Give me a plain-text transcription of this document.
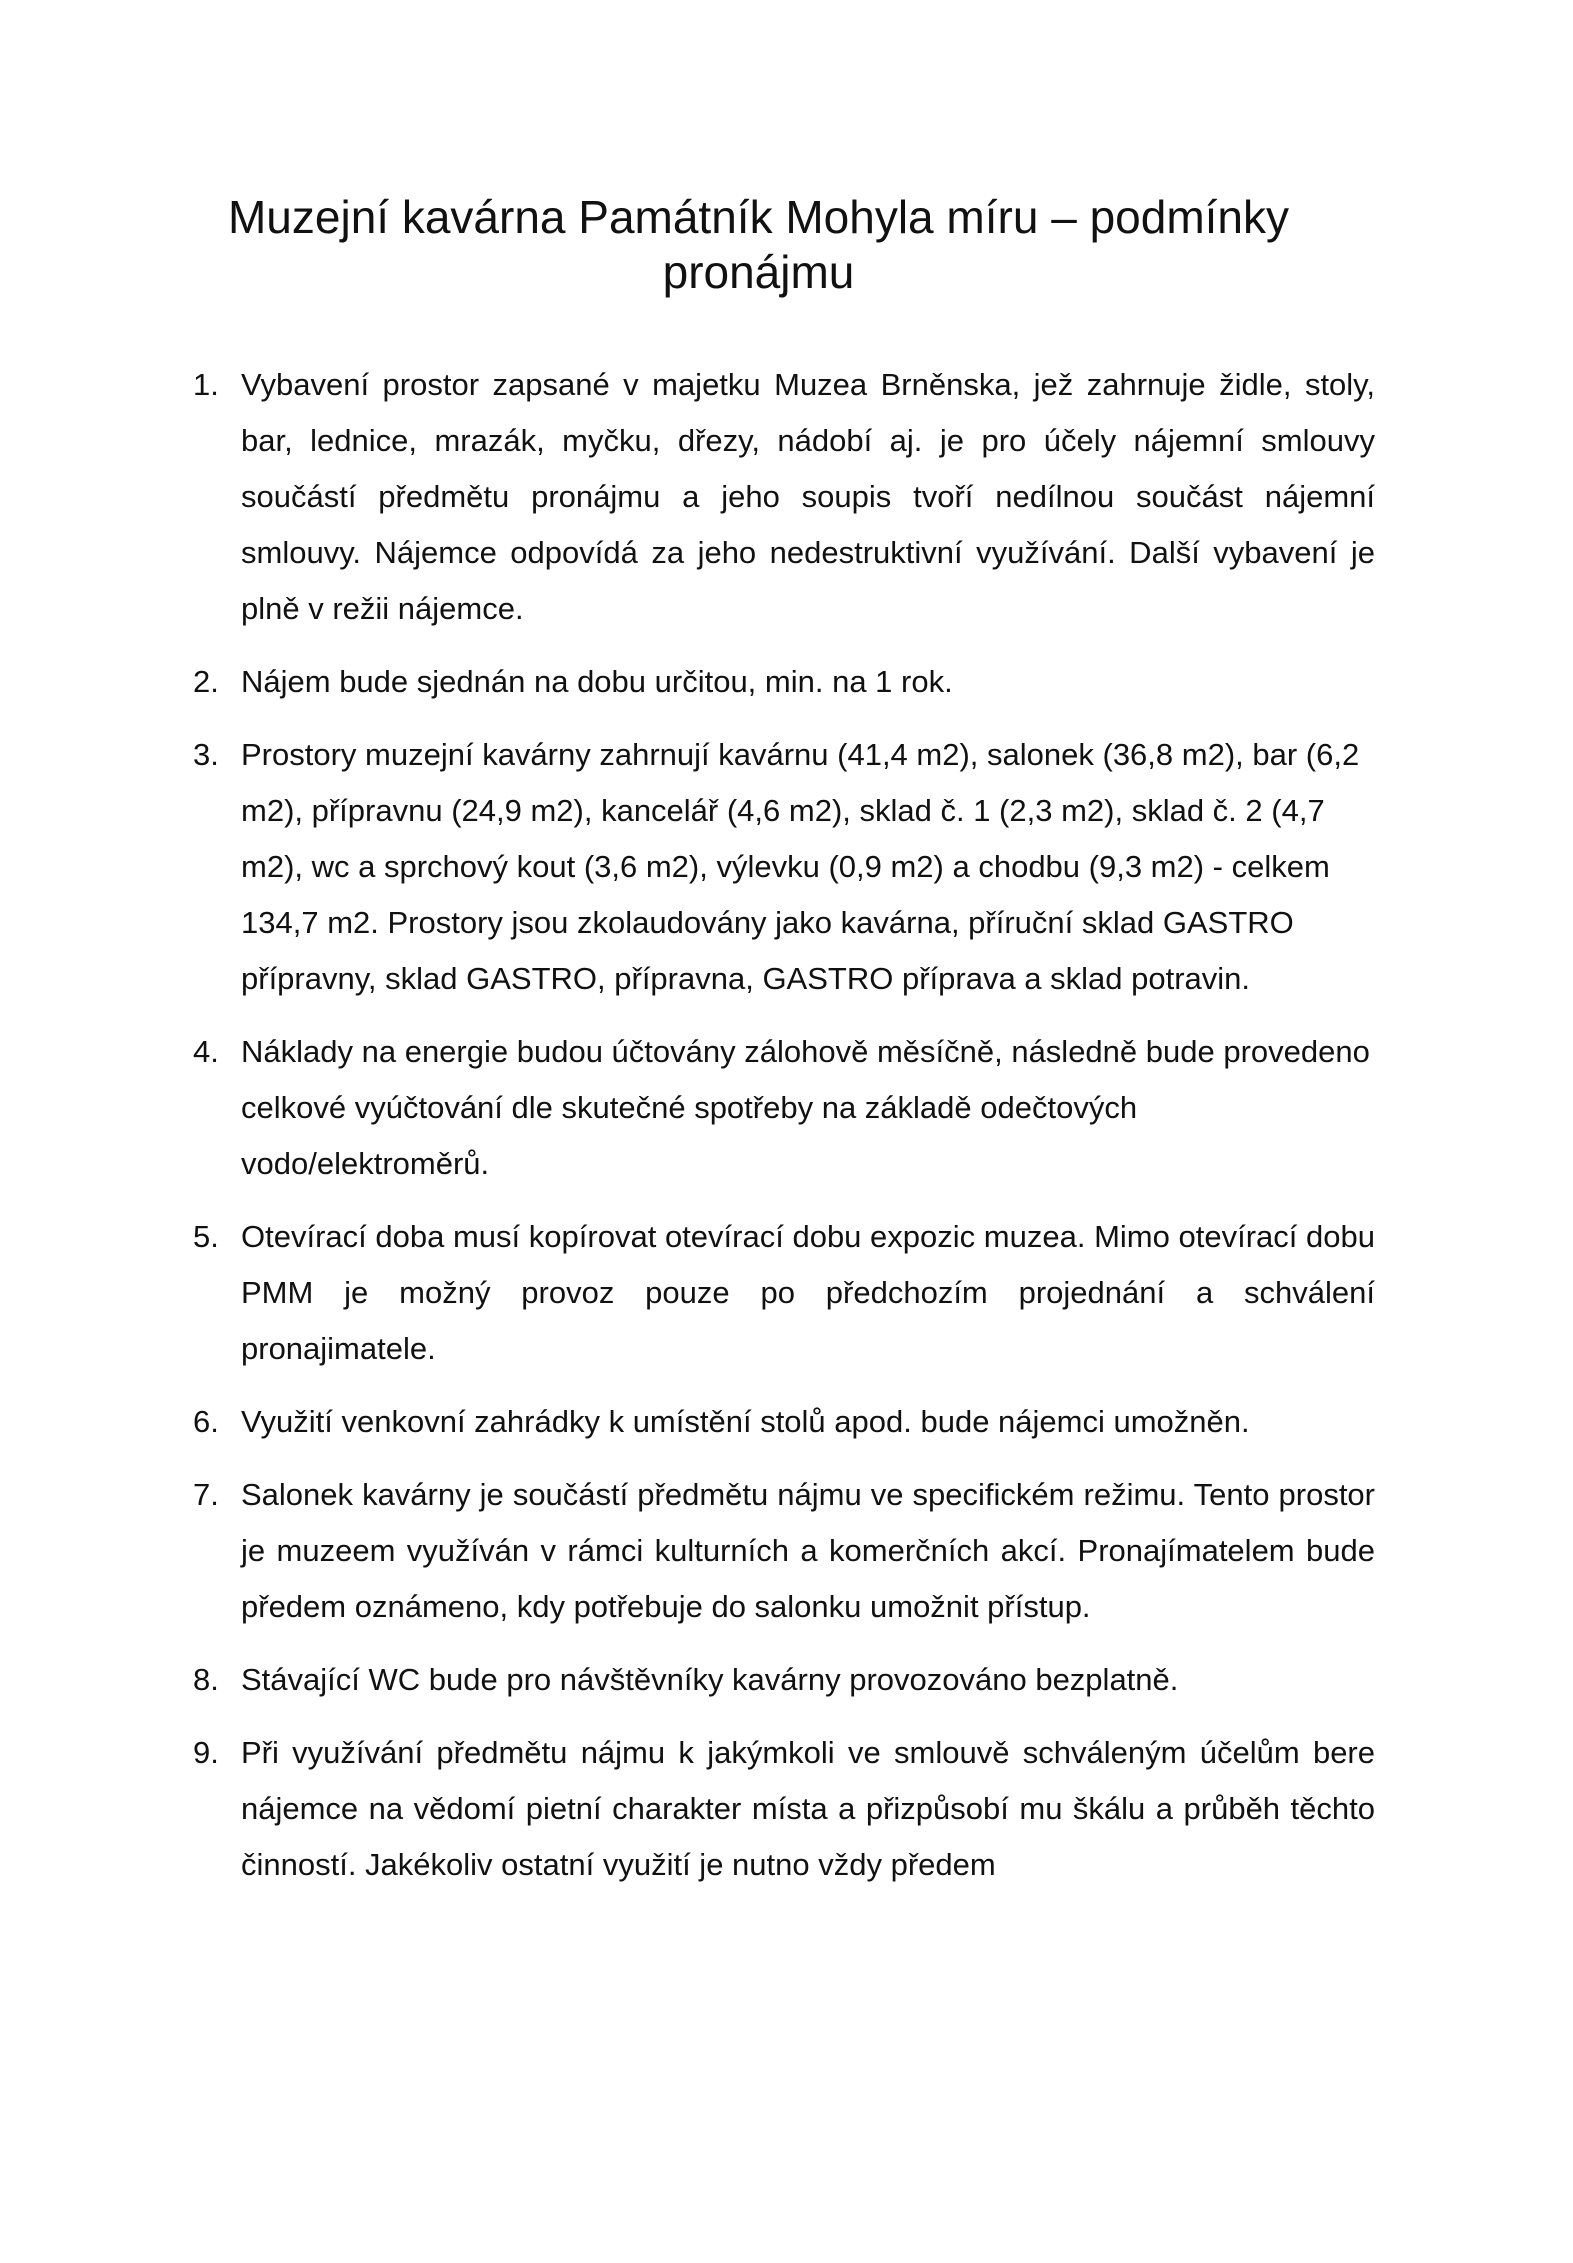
Muzejní kavárna Památník Mohyla míru – podmínky pronájmu
1. Vybavení prostor zapsané v majetku Muzea Brněnska, jež zahrnuje židle, stoly, bar, lednice, mrazák, myčku, dřezy, nádobí aj. je pro účely nájemní smlouvy součástí předmětu pronájmu a jeho soupis tvoří nedílnou součást nájemní smlouvy. Nájemce odpovídá za jeho nedestruktivní využívání. Další vybavení je plně v režii nájemce.
2. Nájem bude sjednán na dobu určitou, min. na 1 rok.
3. Prostory muzejní kavárny zahrnují kavárnu (41,4 m2), salonek (36,8 m2), bar (6,2 m2), přípravnu (24,9 m2), kancelář (4,6 m2), sklad č. 1 (2,3 m2), sklad č. 2 (4,7 m2), wc a sprchový kout (3,6 m2), výlevku (0,9 m2) a chodbu (9,3 m2) - celkem 134,7 m2. Prostory jsou zkolaudovány jako kavárna, příruční sklad GASTRO přípravny, sklad GASTRO, přípravna, GASTRO příprava a sklad potravin.
4. Náklady na energie budou účtovány zálohově měsíčně, následně bude provedeno celkové vyúčtování dle skutečné spotřeby na základě odečtových vodo/elektroměrů.
5. Otevírací doba musí kopírovat otevírací dobu expozic muzea. Mimo otevírací dobu PMM je možný provoz pouze po předchozím projednání a schválení pronajimatele.
6. Využití venkovní zahrádky k umístění stolů apod. bude nájemci umožněn.
7. Salonek kavárny je součástí předmětu nájmu ve specifickém režimu. Tento prostor je muzeem využíván v rámci kulturních a komerčních akcí. Pronajímatelem bude předem oznámeno, kdy potřebuje do salonku umožnit přístup.
8. Stávající WC bude pro návštěvníky kavárny provozováno bezplatně.
9. Při využívání předmětu nájmu k jakýmkoli ve smlouvě schváleným účelům bere nájemce na vědomí pietní charakter místa a přizpůsobí mu škálu a průběh těchto činností. Jakékoliv ostatní využití je nutno vždy předem
